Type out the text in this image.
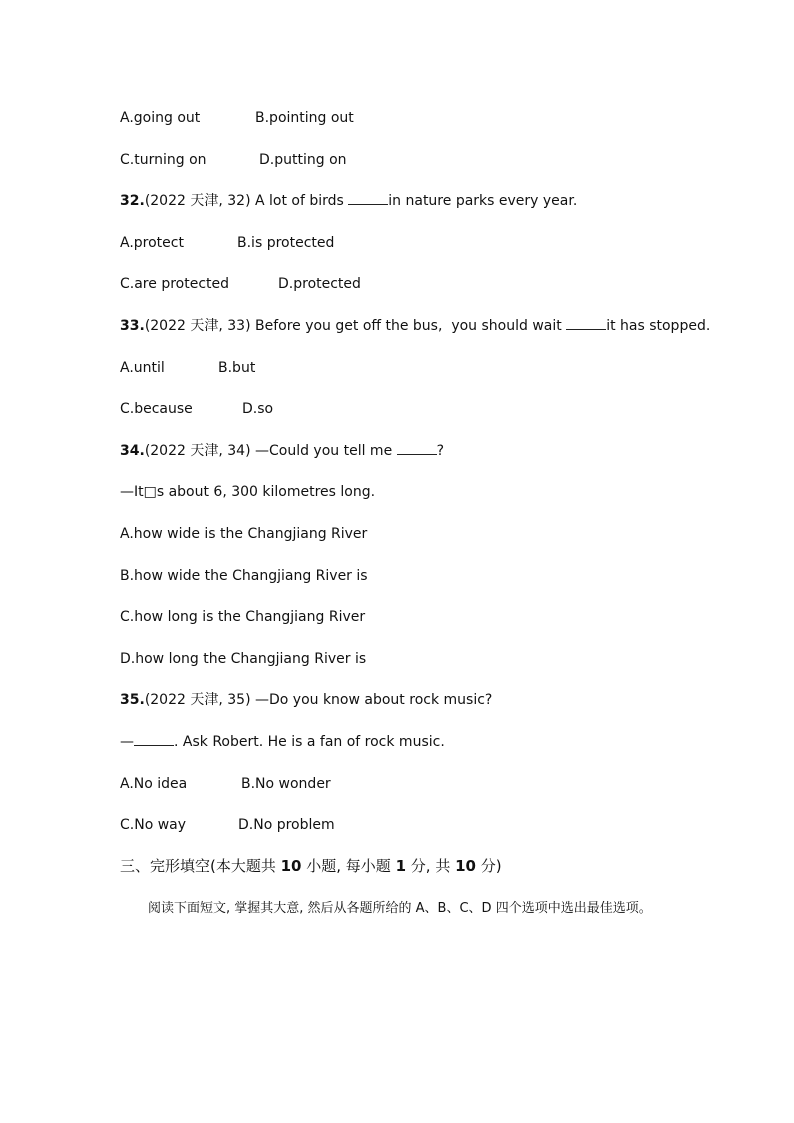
A.going out	B.pointing out
C.turning on	D.putting on
32.(2022 天津, 32) A lot of birds	in nature parks every year.
A.protect	B.is protected
C.are protected	D.protected
33.(2022 天津, 33) Before you get off the bus,  you should wait	it has stopped.
A.until	B.but
C.because	D.so
34.(2022 天津, 34) —Could you tell me	?
—It□s about 6, 300 kilometres long.
A.how wide is the Changjiang River
B.how wide the Changjiang River is
C.how long is the Changjiang River
D.how long the Changjiang River is
35.(2022 天津, 35) —Do you know about rock music?
—	. Ask Robert. He is a fan of rock music.
A.No idea	B.No wonder
C.No way	D.No problem
三、完形填空(本大题共 10 小题, 每小题 1 分, 共 10 分)
阅读下面短文, 掌握其大意, 然后从各题所给的 A、B、C、D 四个选项中选出最佳选项。
